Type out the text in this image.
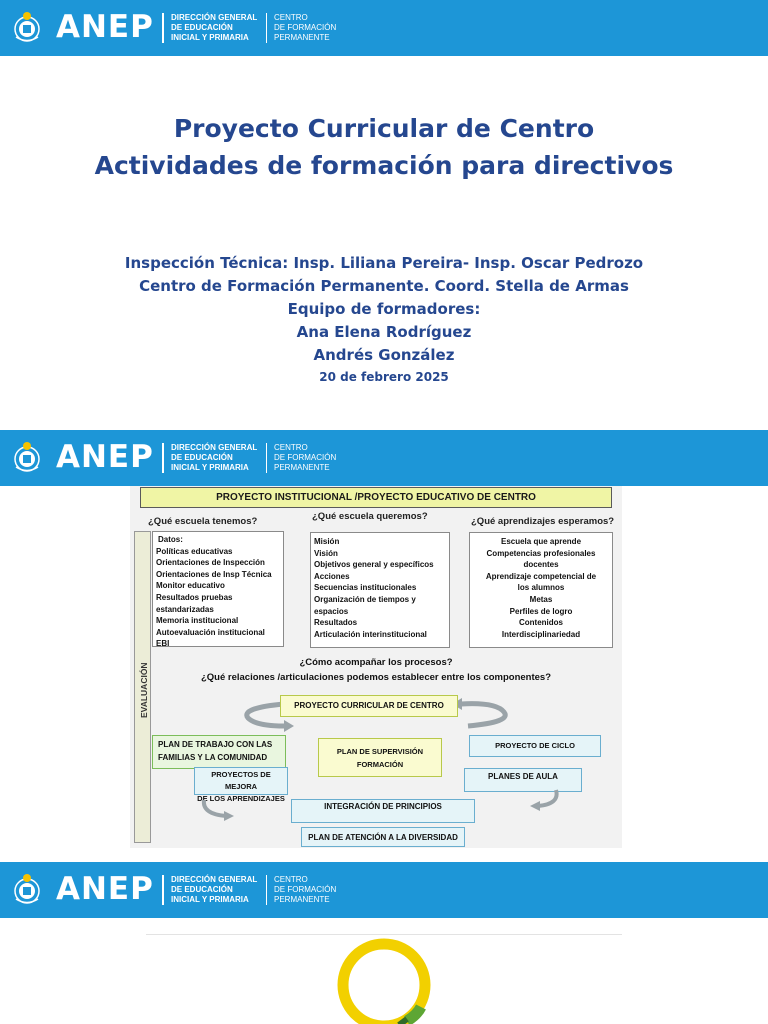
ANEP DIRECCIÓN GENERAL
DE EDUCACIÓN
INICIAL Y PRIMARIA
CENTRO
DE FORMACIÓN
PERMANENTE
Proyecto Curricular de Centro
Actividades de formación para directivos
Inspección Técnica: Insp. Liliana Pereira- Insp. Oscar Pedrozo
Centro de Formación Permanente. Coord. Stella de Armas
Equipo de formadores:
Ana Elena Rodríguez
Andrés González
20 de febrero 2025
ANEP DIRECCIÓN GENERAL
DE EDUCACIÓN
INICIAL Y PRIMARIA
CENTRO
DE FORMACIÓN
PERMANENTE
PROYECTO INSTITUCIONAL /PROYECTO EDUCATIVO DE CENTRO
¿Qué escuela tenemos?	¿Qué escuela queremos?	¿Qué aprendizajes esperamos?
EVALUACIÓN
Datos:
Políticas educativas
Orientaciones de Inspección
Orientaciones de Insp Técnica
Monitor educativo
Resultados pruebas
estandarizadas
Memoria institucional
Autoevaluación institucional
EBI
Misión
Visión
Objetivos general y específicos
Acciones
Secuencias institucionales
Organización de tiempos y
espacios
Resultados
Articulación interinstitucional
Escuela que aprende
Competencias profesionales
docentes
Aprendizaje competencial de
los alumnos
Metas
Perfiles de logro
Contenidos
Interdisciplinariedad
¿Cómo acompañar los procesos?
¿Qué relaciones /articulaciones podemos establecer entre los componentes?
PROYECTO CURRICULAR DE CENTRO
PLAN DE TRABAJO CON LAS
FAMILIAS Y LA COMUNIDAD
PLAN DE SUPERVISIÓN
FORMACIÓN
PROYECTO DE CICLO
PROYECTOS DE MEJORA
DE LOS APRENDIZAJES
PLANES DE AULA
INTEGRACIÓN DE PRINCIPIOS
PLAN DE ATENCIÓN A LA DIVERSIDAD
ANEP DIRECCIÓN GENERAL
DE EDUCACIÓN
INICIAL Y PRIMARIA
CENTRO
DE FORMACIÓN
PERMANENTE
